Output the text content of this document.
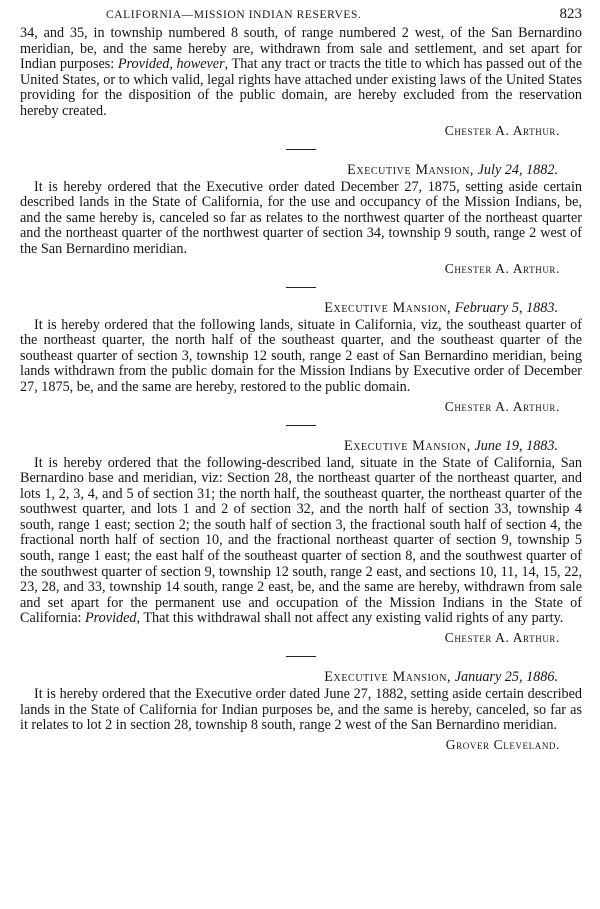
CALIFORNIA—MISSION INDIAN RESERVES.	823

34, and 35, in township numbered 8 south, of range numbered 2 west, of the San Bernardino meridian, be, and the same hereby are, withdrawn from sale and settlement, and set apart for Indian purposes: Provided, however, That any tract or tracts the title to which has passed out of the United States, or to which valid, legal rights have attached under existing laws of the United States providing for the disposition of the public domain, are hereby excluded from the reservation hereby created.

Chester A. Arthur.

Executive Mansion, July 24, 1882.

It is hereby ordered that the Executive order dated December 27, 1875, setting aside certain described lands in the State of California, for the use and occupancy of the Mission Indians, be, and the same hereby is, canceled so far as relates to the northwest quarter of the northeast quarter and the northeast quarter of the northwest quarter of section 34, township 9 south, range 2 west of the San Bernardino meridian.

Chester A. Arthur.

Executive Mansion, February 5, 1883.

It is hereby ordered that the following lands, situate in California, viz, the southeast quarter of the northeast quarter, the north half of the southeast quarter, and the southeast quarter of the southeast quarter of section 3, township 12 south, range 2 east of San Bernardino meridian, being lands withdrawn from the public domain for the Mission Indians by Executive order of December 27, 1875, be, and the same are hereby, restored to the public domain.

Chester A. Arthur.

Executive Mansion, June 19, 1883.

It is hereby ordered that the following-described land, situate in the State of California, San Bernardino base and meridian, viz: Section 28, the northeast quarter of the northeast quarter, and lots 1, 2, 3, 4, and 5 of section 31; the north half, the southeast quarter, the northeast quarter of the southwest quarter, and lots 1 and 2 of section 32, and the north half of section 33, township 4 south, range 1 east; section 2; the south half of section 3, the fractional south half of section 4, the fractional north half of section 10, and the fractional northeast quarter of section 9, township 5 south, range 1 east; the east half of the southeast quarter of section 8, and the southwest quarter of the southwest quarter of section 9, township 12 south, range 2 east, and sections 10, 11, 14, 15, 22, 23, 28, and 33, township 14 south, range 2 east, be, and the same are hereby, withdrawn from sale and set apart for the permanent use and occupation of the Mission Indians in the State of California: Provided, That this withdrawal shall not affect any existing valid rights of any party.

Chester A. Arthur.

Executive Mansion, January 25, 1886.

It is hereby ordered that the Executive order dated June 27, 1882, setting aside certain described lands in the State of California for Indian purposes be, and the same is hereby, canceled, so far as it relates to lot 2 in section 28, township 8 south, range 2 west of the San Bernardino meridian.

Grover Cleveland.
